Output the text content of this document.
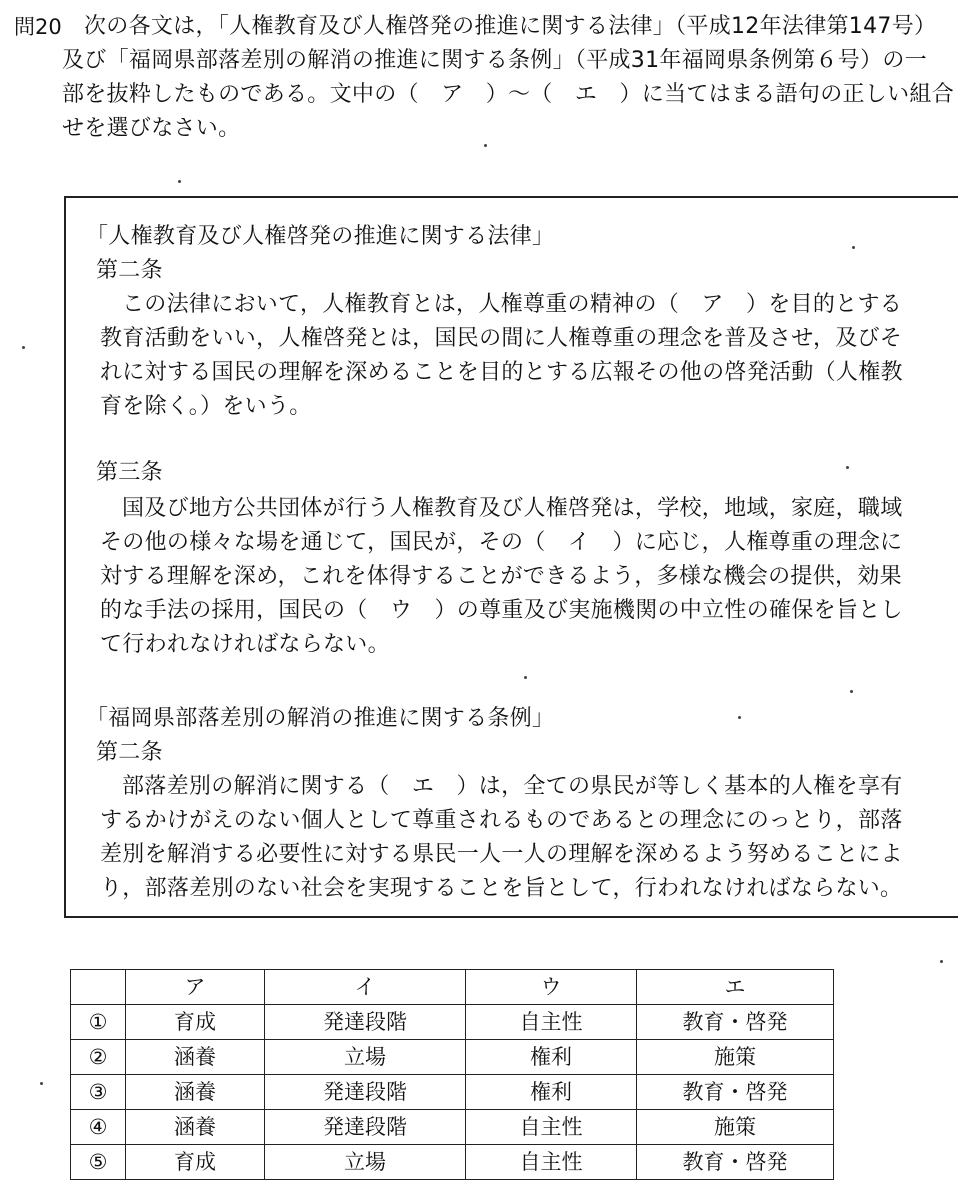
問20 次の各文は，「人権教育及び人権啓発の推進に関する法律」（平成12年法律第147号）
及び「福岡県部落差別の解消の推進に関する条例」（平成31年福岡県条例第６号）の一
部を抜粋したものである。文中の（　ア　）～（　エ　）に当てはまる語句の正しい組合
せを選びなさい。
「人権教育及び人権啓発の推進に関する法律」
第二条
この法律において，人権教育とは，人権尊重の精神の（　ア　）を目的とする
教育活動をいい，人権啓発とは，国民の間に人権尊重の理念を普及させ，及びそ
れに対する国民の理解を深めることを目的とする広報その他の啓発活動（人権教
育を除く。）をいう。
第三条
国及び地方公共団体が行う人権教育及び人権啓発は，学校，地域，家庭，職域
その他の様々な場を通じて，国民が，その（　イ　）に応じ，人権尊重の理念に
対する理解を深め，これを体得することができるよう，多様な機会の提供，効果
的な手法の採用，国民の（　ウ　）の尊重及び実施機関の中立性の確保を旨とし
て行われなければならない。
「福岡県部落差別の解消の推進に関する条例」
第二条
部落差別の解消に関する（　エ　）は，全ての県民が等しく基本的人権を享有
するかけがえのない個人として尊重されるものであるとの理念にのっとり，部落
差別を解消する必要性に対する県民一人一人の理解を深めるよう努めることによ
り，部落差別のない社会を実現することを旨として，行われなければならない。
	ア	イ	ウ	エ
①	育成	発達段階	自主性	教育・啓発
②	涵養	立場	権利	施策
③	涵養	発達段階	権利	教育・啓発
④	涵養	発達段階	自主性	施策
⑤	育成	立場	自主性	教育・啓発
